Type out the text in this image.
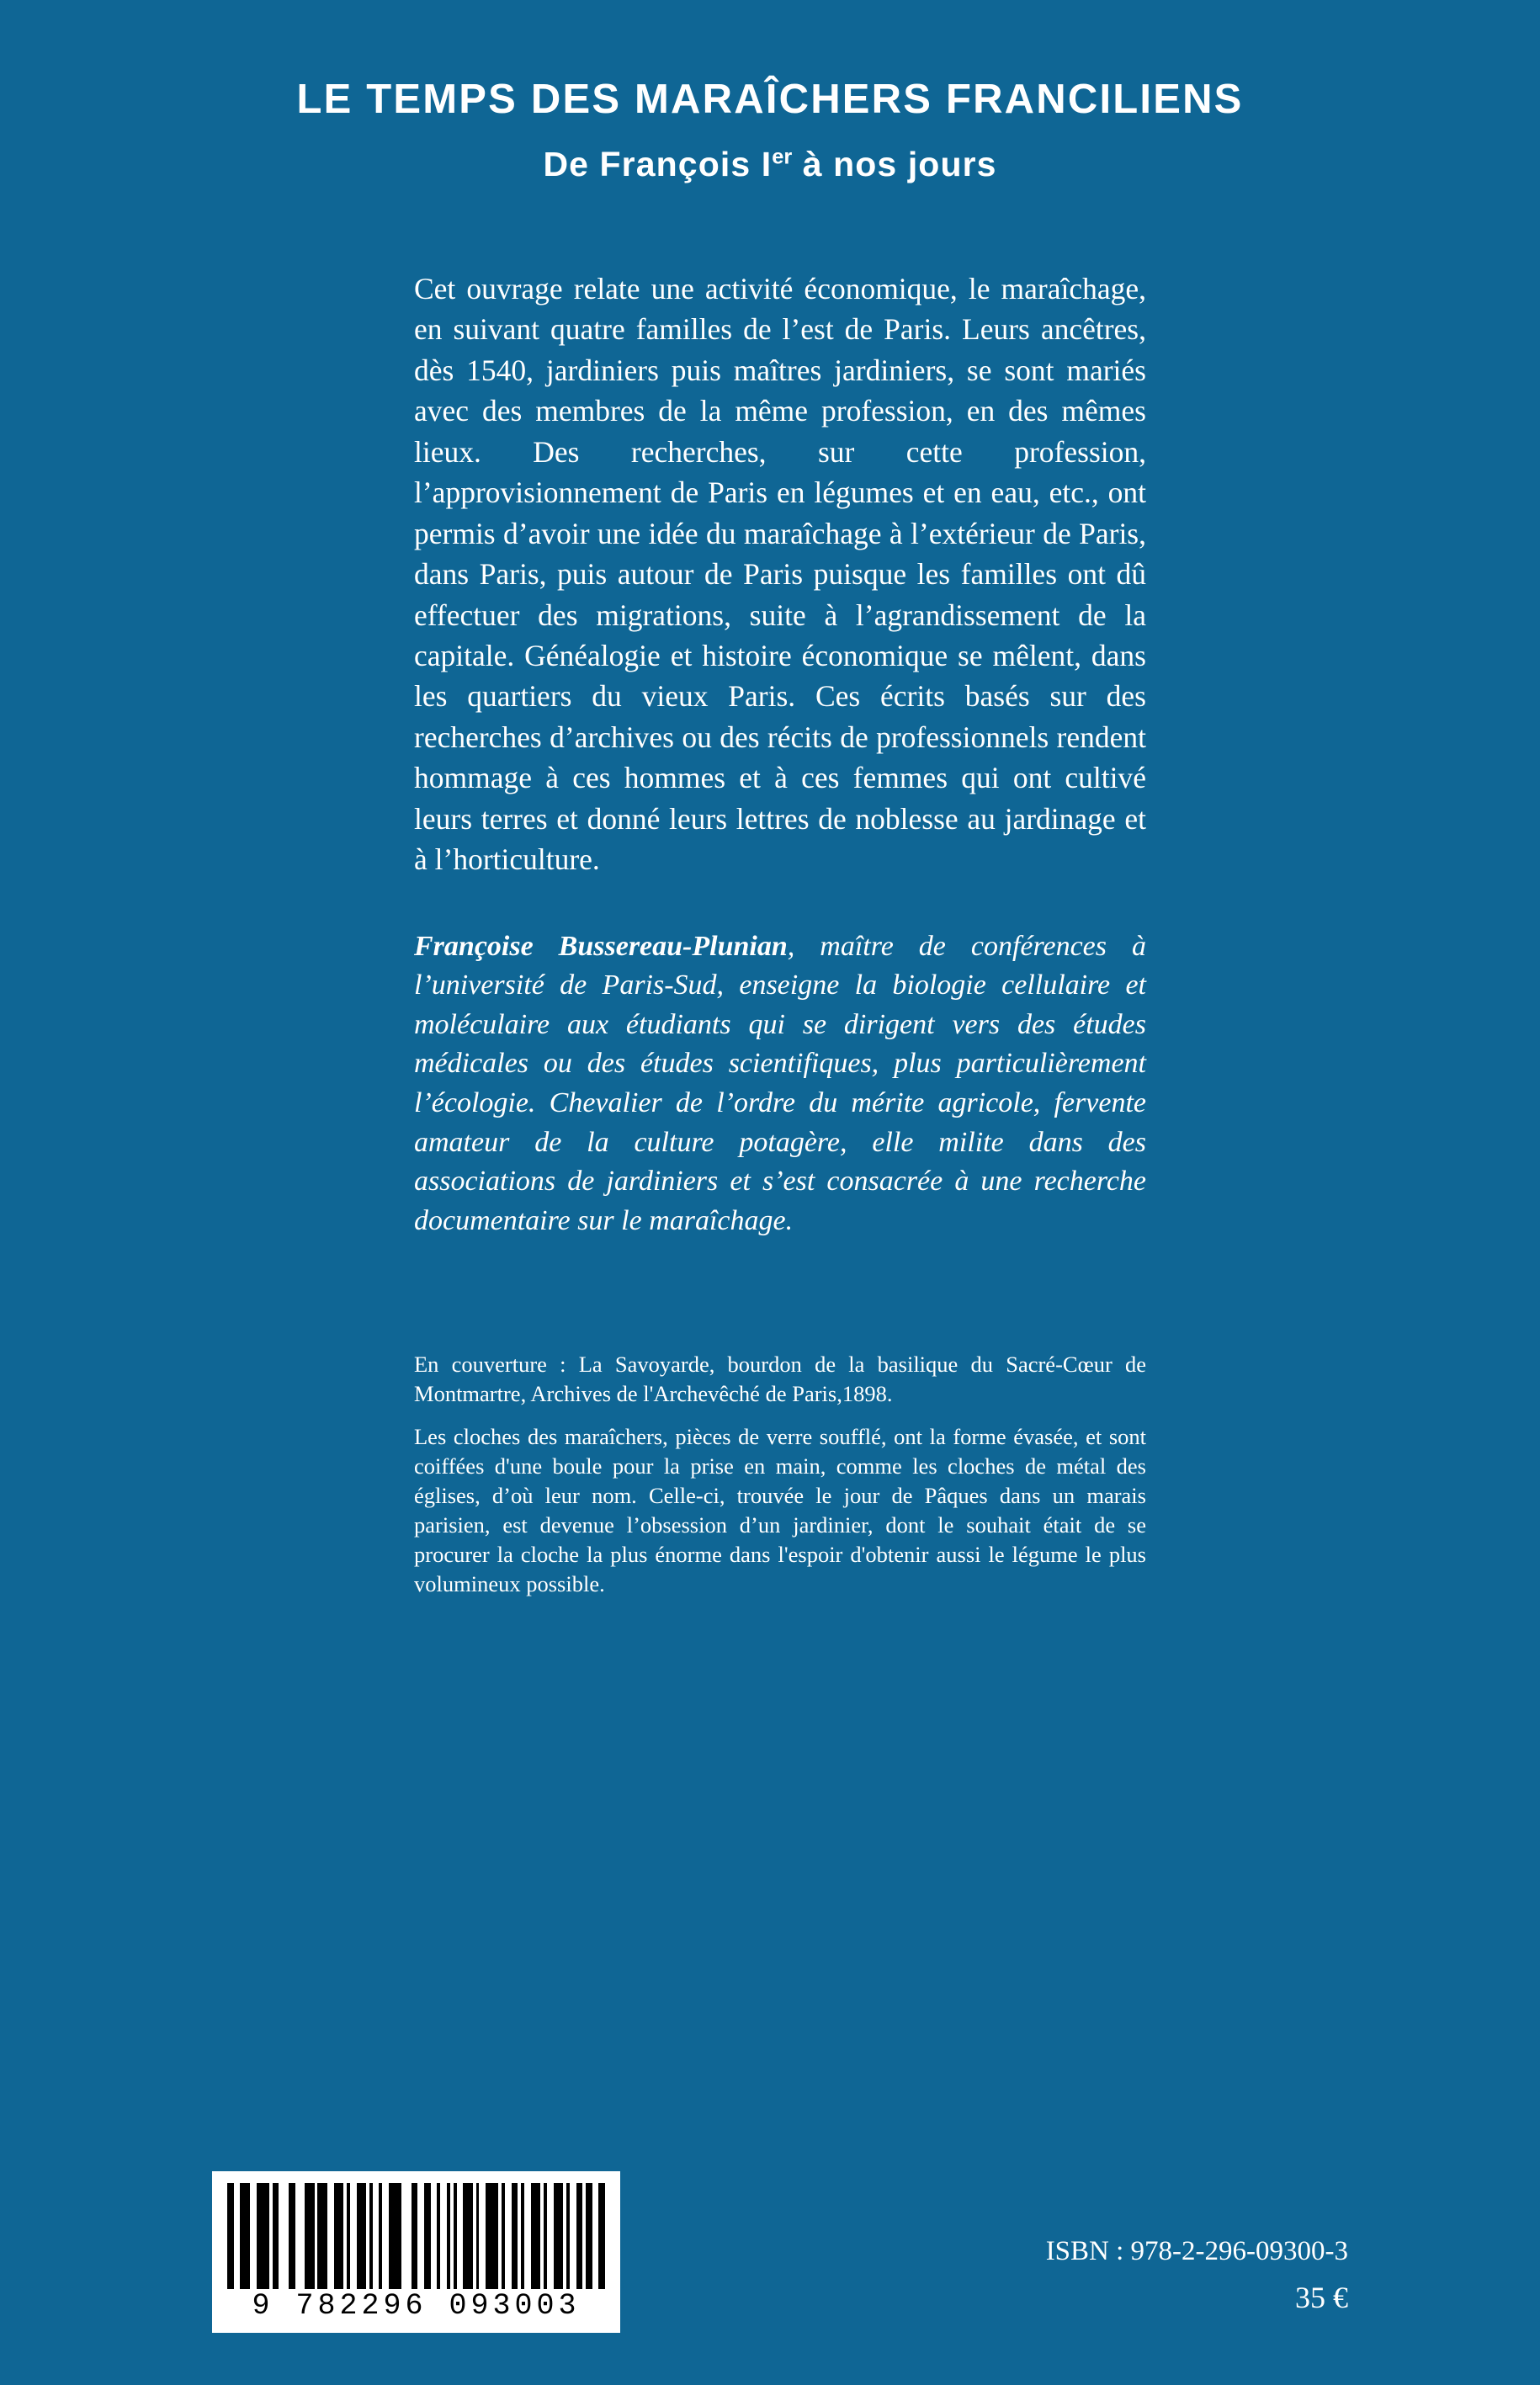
LE TEMPS DES MARAÎCHERS FRANCILIENS
De François Ier à nos jours

Cet ouvrage relate une activité économique, le maraîchage, en suivant quatre familles de l’est de Paris. Leurs ancêtres, dès 1540, jardiniers puis maîtres jardiniers, se sont mariés avec des membres de la même profession, en des mêmes lieux. Des recherches, sur cette profession, l’approvisionnement de Paris en légumes et en eau, etc., ont permis d’avoir une idée du maraîchage à l’extérieur de Paris, dans Paris, puis autour de Paris puisque les familles ont dû effectuer des migrations, suite à l’agrandissement de la capitale. Généalogie et histoire économique se mêlent, dans les quartiers du vieux Paris. Ces écrits basés sur des recherches d’archives ou des récits de professionnels rendent hommage à ces hommes et à ces femmes qui ont cultivé leurs terres et donné leurs lettres de noblesse au jardinage et à l’horticulture.

Françoise Bussereau-Plunian, maître de conférences à l’université de Paris-Sud, enseigne la biologie cellulaire et moléculaire aux étudiants qui se dirigent vers des études médicales ou des études scientifiques, plus particulièrement l’écologie. Chevalier de l’ordre du mérite agricole, fervente amateur de la culture potagère, elle milite dans des associations de jardiniers et s’est consacrée à une recherche documentaire sur le maraîchage.

En couverture : La Savoyarde, bourdon de la basilique du Sacré-Cœur de Montmartre, Archives de l'Archevêché de Paris,1898.

Les cloches des maraîchers, pièces de verre soufflé, ont la forme évasée, et sont coiffées d'une boule pour la prise en main, comme les cloches de métal des églises, d’où leur nom. Celle-ci, trouvée le jour de Pâques dans un marais parisien, est devenue l’obsession d’un jardinier, dont le souhait était de se procurer la cloche la plus énorme dans l'espoir d'obtenir aussi le légume le plus volumineux possible.

9 782296 093003
ISBN : 978-2-296-09300-3
35 €
